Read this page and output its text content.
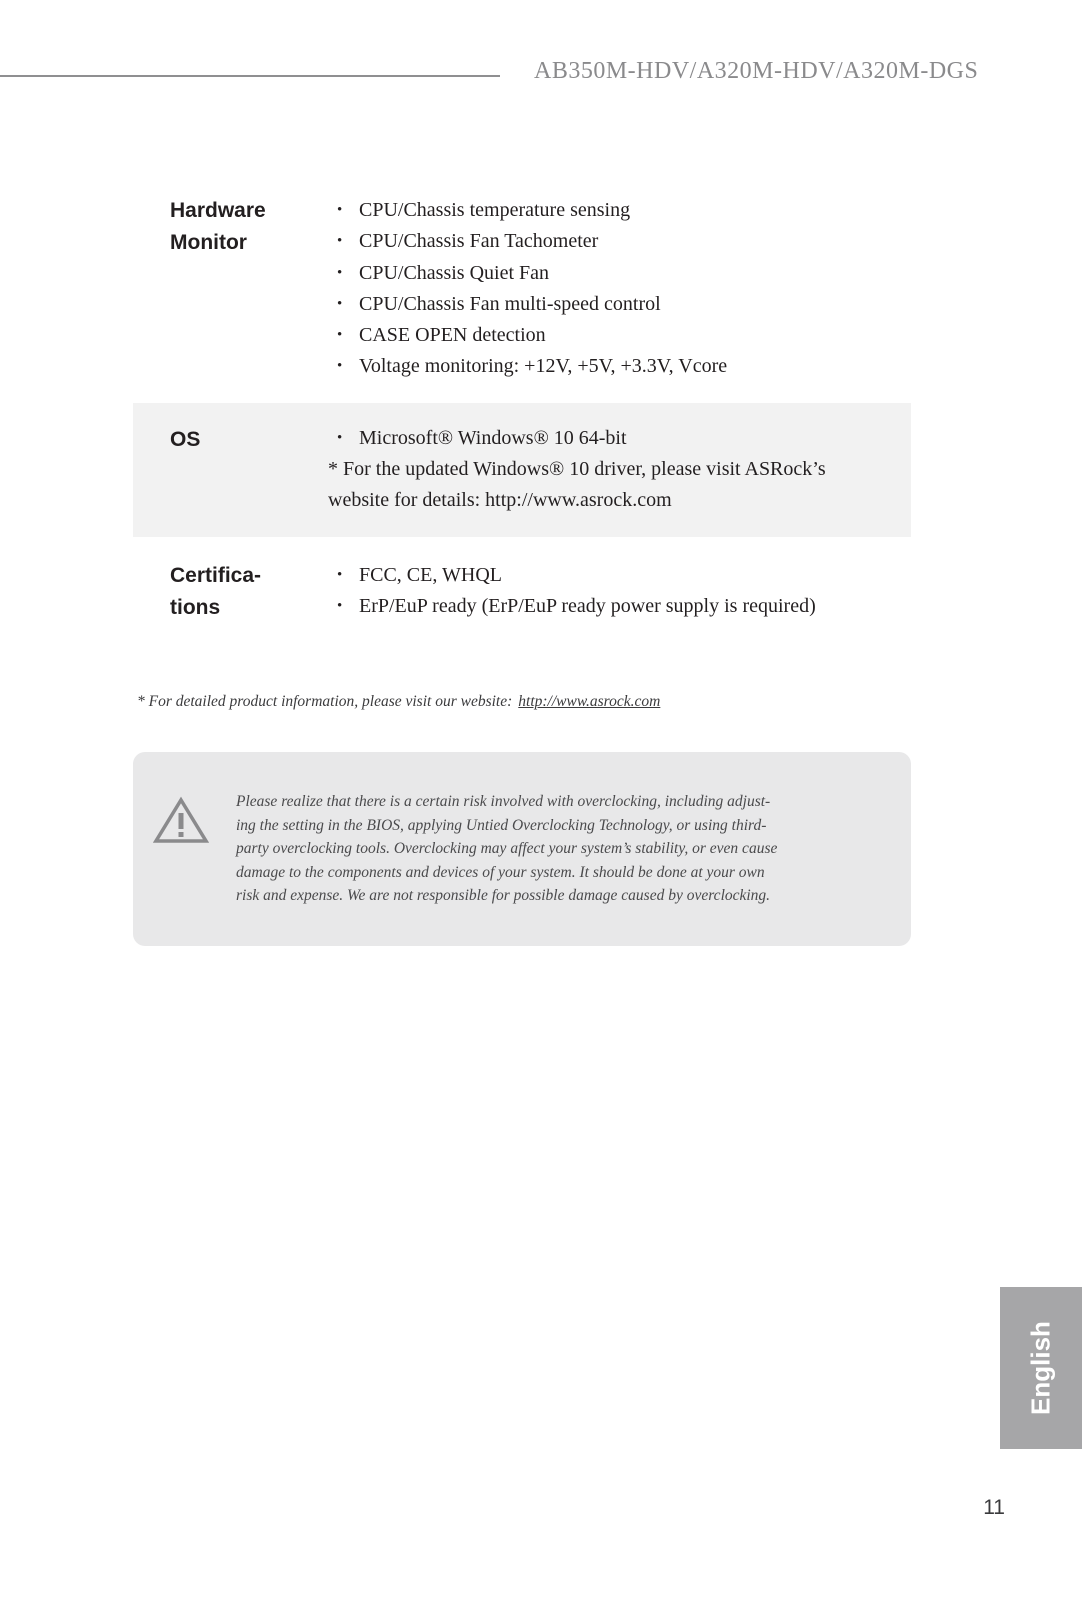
AB350M-HDV/A320M-HDV/A320M-DGS
Hardware
Monitor
• CPU/Chassis temperature sensing
• CPU/Chassis Fan Tachometer
• CPU/Chassis Quiet Fan
• CPU/Chassis Fan multi-speed control
• CASE OPEN detection
• Voltage monitoring: +12V, +5V, +3.3V, Vcore
OS	• Microsoft® Windows® 10 64-bit
* For the updated Windows® 10 driver, please visit ASRock’s
website for details: http://www.asrock.com
Certifica-
tions
• FCC, CE, WHQL
• ErP/EuP ready (ErP/EuP ready power supply is required)
* For detailed product information, please visit our website: http://www.asrock.com
Please realize that there is a certain risk involved with overclocking, including adjust-
ing the setting in the BIOS, applying Untied Overclocking Technology, or using third-
party overclocking tools. Overclocking may affect your system’s stability, or even cause
damage to the components and devices of your system. It should be done at your own
risk and expense. We are not responsible for possible damage caused by overclocking.
English
11
